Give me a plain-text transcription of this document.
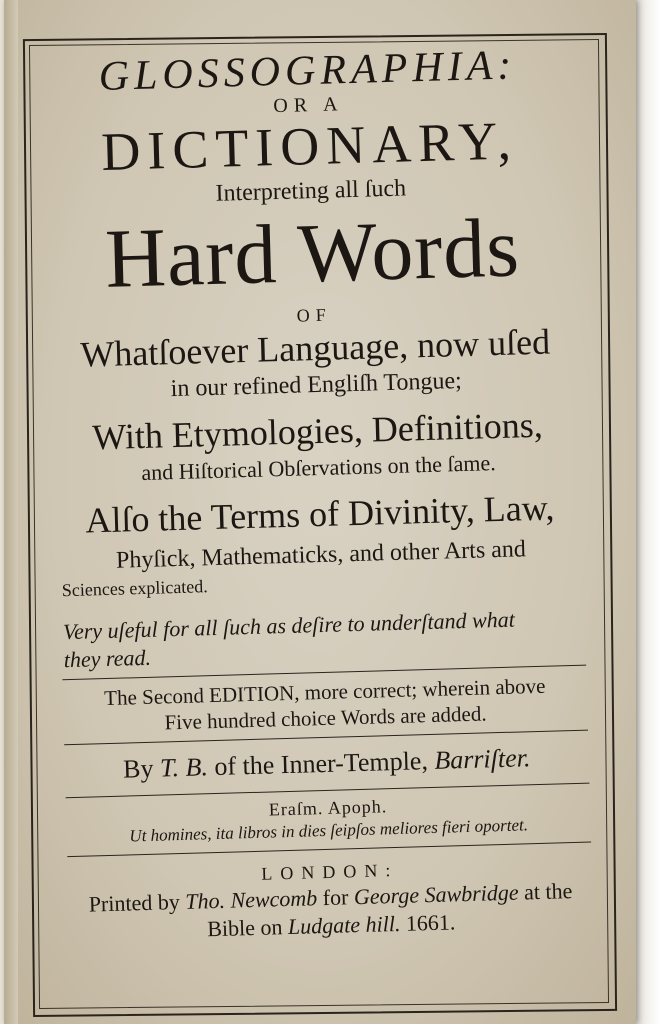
GLOSSOGRAPHIA:
OR A
DICTIONARY,
Interpreting all ſuch
Hard Words
OF
Whatſoever Language, now uſed
in our refined Engliſh Tongue;
With Etymologies, Definitions,
and Hiſtorical Obſervations on the ſame.
Alſo the Terms of Divinity, Law,
Phyſick, Mathematicks, and other Arts and
Sciences explicated.
Very uſeful for all ſuch as deſire to underſtand what
they read.
The Second EDITION, more correct; wherein above
Five hundred choice Words are added.
By T. B. of the Inner-Temple, Barriſter.
Eraſm. Apoph.
Ut homines, ita libros in dies ſeipſos meliores fieri oportet.
LONDON:
Printed by Tho. Newcomb for George Sawbridge at the
Bible on Ludgate hill. 1661.
